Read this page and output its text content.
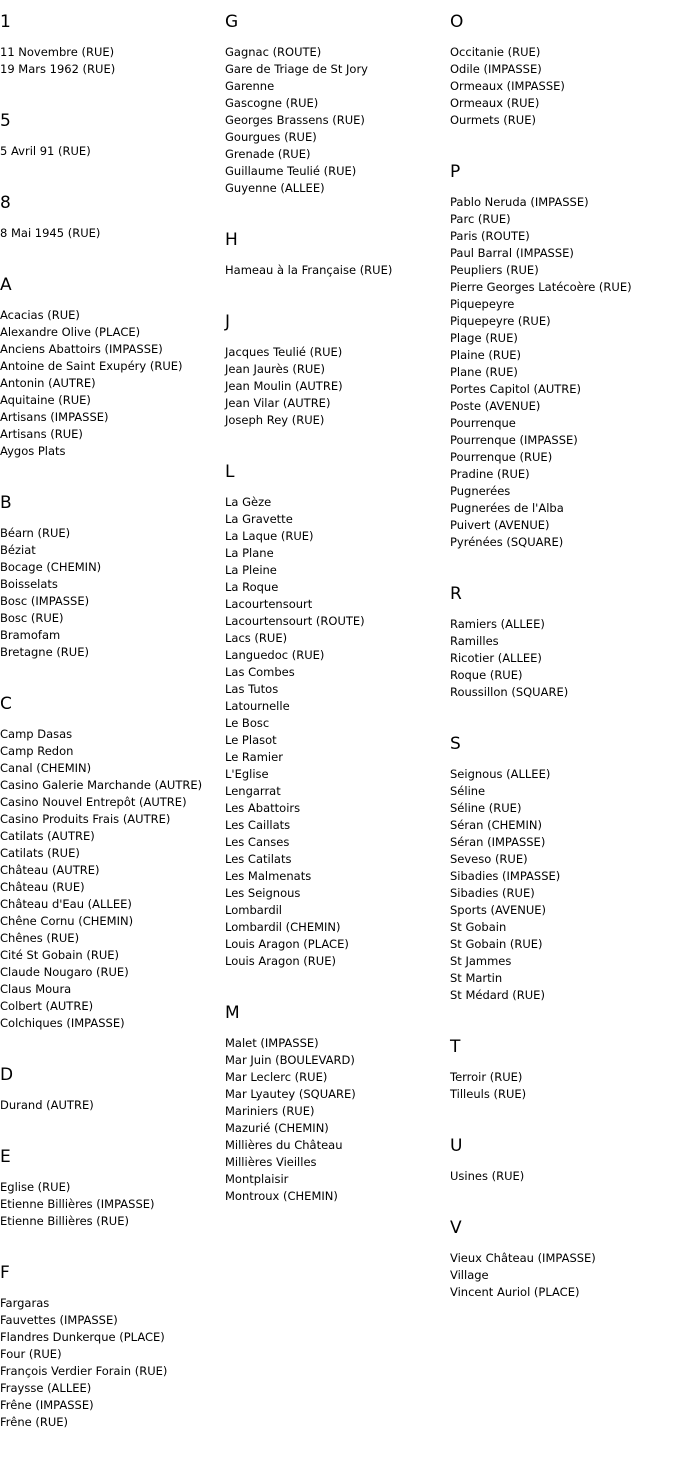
1
11 Novembre (RUE)
19 Mars 1962 (RUE)
5
5 Avril 91 (RUE)
8
8 Mai 1945 (RUE)
A
Acacias (RUE)
Alexandre Olive (PLACE)
Anciens Abattoirs (IMPASSE)
Antoine de Saint Exupéry (RUE)
Antonin (AUTRE)
Aquitaine (RUE)
Artisans (IMPASSE)
Artisans (RUE)
Aygos Plats
B
Béarn (RUE)
Béziat
Bocage (CHEMIN)
Boisselats
Bosc (IMPASSE)
Bosc (RUE)
Bramofam
Bretagne (RUE)
C
Camp Dasas
Camp Redon
Canal (CHEMIN)
Casino Galerie Marchande (AUTRE)
Casino Nouvel Entrepôt (AUTRE)
Casino Produits Frais (AUTRE)
Catilats (AUTRE)
Catilats (RUE)
Château (AUTRE)
Château (RUE)
Château d'Eau (ALLEE)
Chêne Cornu (CHEMIN)
Chênes (RUE)
Cité St Gobain (RUE)
Claude Nougaro (RUE)
Claus Moura
Colbert (AUTRE)
Colchiques (IMPASSE)
D
Durand (AUTRE)
E
Eglise (RUE)
Etienne Billières (IMPASSE)
Etienne Billières (RUE)
F
Fargaras
Fauvettes (IMPASSE)
Flandres Dunkerque (PLACE)
Four (RUE)
François Verdier Forain (RUE)
Fraysse (ALLEE)
Frêne (IMPASSE)
Frêne (RUE)
G
Gagnac (ROUTE)
Gare de Triage de St Jory
Garenne
Gascogne (RUE)
Georges Brassens (RUE)
Gourgues (RUE)
Grenade (RUE)
Guillaume Teulié (RUE)
Guyenne (ALLEE)
H
Hameau à la Française (RUE)
J
Jacques Teulié (RUE)
Jean Jaurès (RUE)
Jean Moulin (AUTRE)
Jean Vilar (AUTRE)
Joseph Rey (RUE)
L
La Gèze
La Gravette
La Laque (RUE)
La Plane
La Pleine
La Roque
Lacourtensourt
Lacourtensourt (ROUTE)
Lacs (RUE)
Languedoc (RUE)
Las Combes
Las Tutos
Latournelle
Le Bosc
Le Plasot
Le Ramier
L'Eglise
Lengarrat
Les Abattoirs
Les Caillats
Les Canses
Les Catilats
Les Malmenats
Les Seignous
Lombardil
Lombardil (CHEMIN)
Louis Aragon (PLACE)
Louis Aragon (RUE)
M
Malet (IMPASSE)
Mar Juin (BOULEVARD)
Mar Leclerc (RUE)
Mar Lyautey (SQUARE)
Mariniers (RUE)
Mazurié (CHEMIN)
Millières du Château
Millières Vieilles
Montplaisir
Montroux (CHEMIN)
O
Occitanie (RUE)
Odile (IMPASSE)
Ormeaux (IMPASSE)
Ormeaux (RUE)
Ourmets (RUE)
P
Pablo Neruda (IMPASSE)
Parc (RUE)
Paris (ROUTE)
Paul Barral (IMPASSE)
Peupliers (RUE)
Pierre Georges Latécoère (RUE)
Piquepeyre
Piquepeyre (RUE)
Plage (RUE)
Plaine (RUE)
Plane (RUE)
Portes Capitol (AUTRE)
Poste (AVENUE)
Pourrenque
Pourrenque (IMPASSE)
Pourrenque (RUE)
Pradine (RUE)
Pugnerées
Pugnerées de l'Alba
Puivert (AVENUE)
Pyrénées (SQUARE)
R
Ramiers (ALLEE)
Ramilles
Ricotier (ALLEE)
Roque (RUE)
Roussillon (SQUARE)
S
Seignous (ALLEE)
Séline
Séline (RUE)
Séran (CHEMIN)
Séran (IMPASSE)
Seveso (RUE)
Sibadies (IMPASSE)
Sibadies (RUE)
Sports (AVENUE)
St Gobain
St Gobain (RUE)
St Jammes
St Martin
St Médard (RUE)
T
Terroir (RUE)
Tilleuls (RUE)
U
Usines (RUE)
V
Vieux Château (IMPASSE)
Village
Vincent Auriol (PLACE)
